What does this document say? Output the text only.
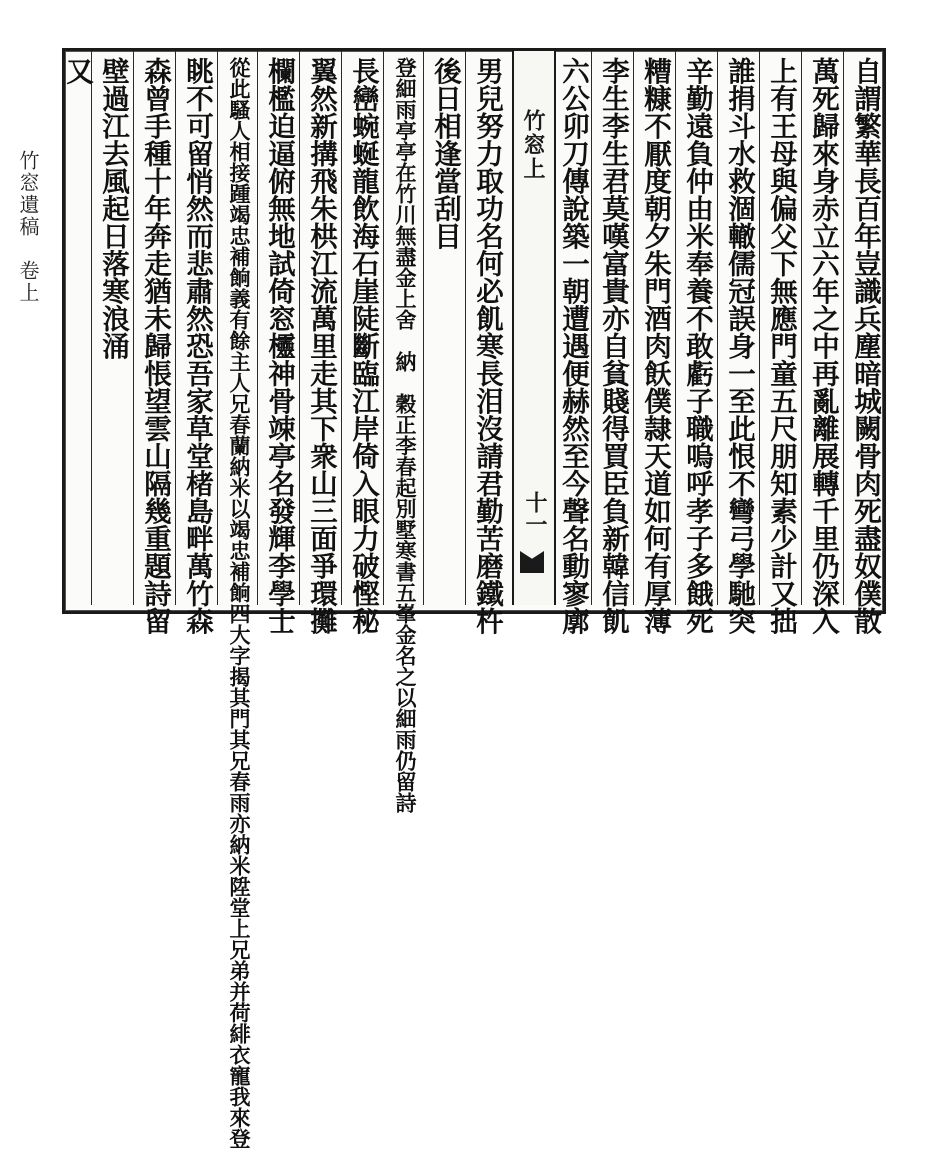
竹窓遺稿　卷上	自謂繁華長百年豈識兵塵暗城闕骨肉死盡奴僕散
萬死歸來身赤立六年之中再亂離展轉千里仍深入
上有王母與偏父下無應門童五尺朋知素少計又拙
誰捐斗水救涸轍儒冠誤身一至此恨不彎弓學馳突
辛勤遠負仲由米奉養不敢虧子職嗚呼孝子多餓死
糟糠不厭度朝夕朱門酒肉飫僕隷天道如何有厚薄
李生李生君莫嘆富貴亦自貧賤得買臣負新韓信飢
六公卯刀傳說築一朝遭遇便赫然至今聲名動寥廓
竹窓上
十一
男兒努力取功名何必飢寒長泪沒請君勤苦磨鐵杵
後日相逢當刮目
登細雨亭亭在竹川無盡金上舍　納　穀正李春起別墅寒書五峯金名之以細雨仍留詩
長巒蜿蜒龍飲海石崖陡斷臨江岸倚入眼力破慳秘
翼然新搆飛朱栱江流萬里走其下衆山三面爭環攤
欄檻迫逼俯無地試倚窓欞神骨竦亭名發輝李學士
從此騷人相接踵竭忠補餉義有餘主人兄春蘭納米以竭忠補餉四大字揭其門其兄春雨亦納米陞堂上兄弟并荷緋衣寵我來登
眺不可留悄然而悲肅然恐吾家草堂楮島畔萬竹森
森曾手種十年奔走猶未歸悵望雲山隔幾重題詩留
壁過江去風起日落寒浪涌
又
